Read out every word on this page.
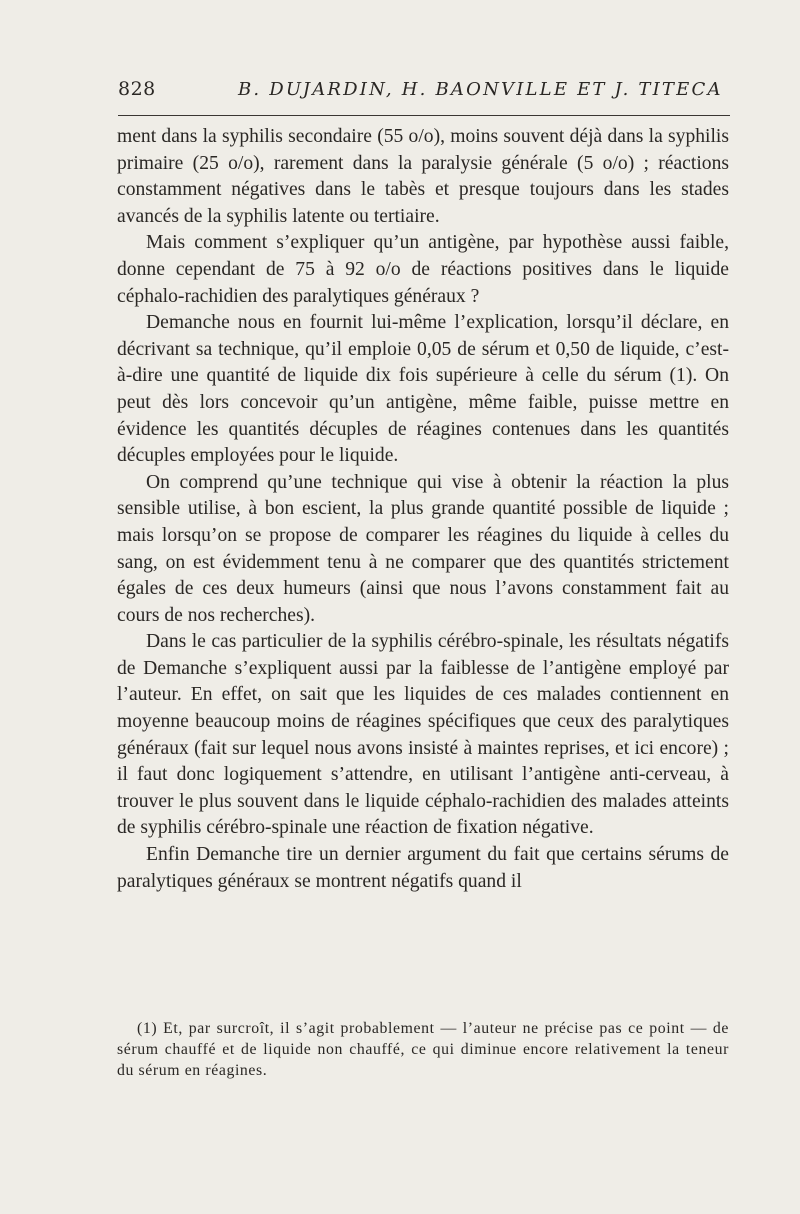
828	B. DUJARDIN, H. BAONVILLE ET J. TITECA

ment dans la syphilis secondaire (55 o/o), moins souvent déjà dans la syphilis primaire (25 o/o), rarement dans la paralysie générale (5 o/o) ; réactions constamment négatives dans le tabès et presque toujours dans les stades avancés de la syphilis latente ou tertiaire.

Mais comment s’expliquer qu’un antigène, par hypothèse aussi faible, donne cependant de 75 à 92 o/o de réactions positives dans le liquide céphalo-rachidien des paralytiques généraux ?

Demanche nous en fournit lui-même l’explication, lorsqu’il déclare, en décrivant sa technique, qu’il emploie 0,05 de sérum et 0,50 de liquide, c’est-à-dire une quantité de liquide dix fois supérieure à celle du sérum (1). On peut dès lors concevoir qu’un antigène, même faible, puisse mettre en évidence les quantités décuples de réagines contenues dans les quantités décuples employées pour le liquide.

On comprend qu’une technique qui vise à obtenir la réaction la plus sensible utilise, à bon escient, la plus grande quantité possible de liquide ; mais lorsqu’on se propose de comparer les réagines du liquide à celles du sang, on est évidemment tenu à ne comparer que des quantités strictement égales de ces deux humeurs (ainsi que nous l’avons constamment fait au cours de nos recherches).

Dans le cas particulier de la syphilis cérébro-spinale, les résultats négatifs de Demanche s’expliquent aussi par la faiblesse de l’antigène employé par l’auteur. En effet, on sait que les liquides de ces malades contiennent en moyenne beaucoup moins de réagines spécifiques que ceux des paralytiques généraux (fait sur lequel nous avons insisté à maintes reprises, et ici encore) ; il faut donc logiquement s’attendre, en utilisant l’antigène anti-cerveau, à trouver le plus souvent dans le liquide céphalo-rachidien des malades atteints de syphilis cérébro-spinale une réaction de fixation négative.

Enfin Demanche tire un dernier argument du fait que certains sérums de paralytiques généraux se montrent négatifs quand il

(1) Et, par surcroît, il s’agit probablement — l’auteur ne précise pas ce point — de sérum chauffé et de liquide non chauffé, ce qui diminue encore relativement la teneur du sérum en réagines.
